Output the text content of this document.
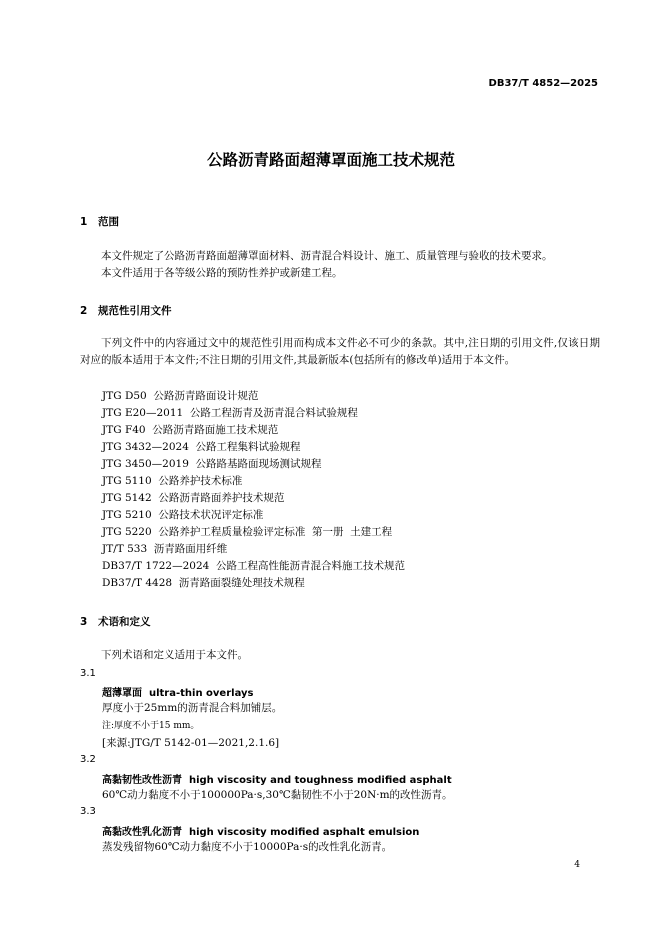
DB37/T 4852—2025
公路沥青路面超薄罩面施工技术规范
1 范围
本文件规定了公路沥青路面超薄罩面材料、沥青混合料设计、施工、质量管理与验收的技术要求。
本文件适用于各等级公路的预防性养护或新建工程。
2 规范性引用文件
下列文件中的内容通过文中的规范性引用而构成本文件必不可少的条款。其中,注日期的引用文件,仅该日期对应的版本适用于本文件;不注日期的引用文件,其最新版本(包括所有的修改单)适用于本文件。
JTG D50  公路沥青路面设计规范
JTG E20—2011  公路工程沥青及沥青混合料试验规程
JTG F40  公路沥青路面施工技术规范
JTG 3432—2024  公路工程集料试验规程
JTG 3450—2019  公路路基路面现场测试规程
JTG 5110  公路养护技术标准
JTG 5142  公路沥青路面养护技术规范
JTG 5210  公路技术状况评定标准
JTG 5220  公路养护工程质量检验评定标准  第一册  土建工程
JT/T 533  沥青路面用纤维
DB37/T 1722—2024  公路工程高性能沥青混合料施工技术规范
DB37/T 4428  沥青路面裂缝处理技术规程
3 术语和定义
下列术语和定义适用于本文件。
3.1
超薄罩面  ultra-thin overlays
厚度小于25mm的沥青混合料加铺层。
注:厚度不小于15 mm。
[来源:JTG/T 5142-01—2021,2.1.6]
3.2
高黏韧性改性沥青  high viscosity and toughness modified asphalt
60℃动力黏度不小于100000Pa·s,30℃黏韧性不小于20N·m的改性沥青。
3.3
高黏改性乳化沥青  high viscosity modified asphalt emulsion
蒸发残留物60℃动力黏度不小于10000Pa·s的改性乳化沥青。
4
